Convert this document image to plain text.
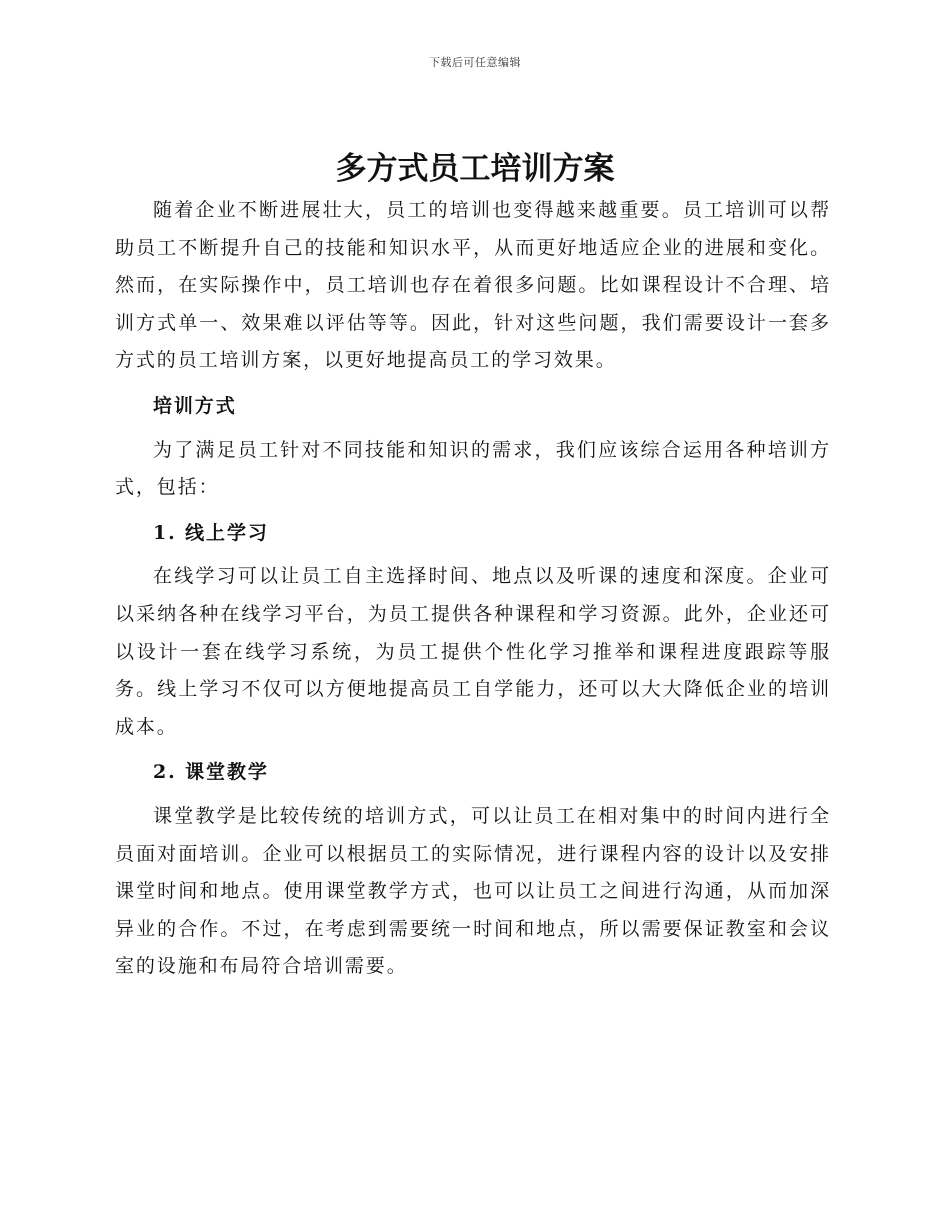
下载后可任意编辑
多方式员工培训方案

随着企业不断进展壮大，员工的培训也变得越来越重要。员工培训可以帮助员工不断提升自己的技能和知识水平，从而更好地适应企业的进展和变化。然而，在实际操作中，员工培训也存在着很多问题。比如课程设计不合理、培训方式单一、效果难以评估等等。因此，针对这些问题，我们需要设计一套多方式的员工培训方案，以更好地提高员工的学习效果。

培训方式

为了满足员工针对不同技能和知识的需求，我们应该综合运用各种培训方式，包括：

1. 线上学习

在线学习可以让员工自主选择时间、地点以及听课的速度和深度。企业可以采纳各种在线学习平台，为员工提供各种课程和学习资源。此外，企业还可以设计一套在线学习系统，为员工提供个性化学习推举和课程进度跟踪等服务。线上学习不仅可以方便地提高员工自学能力，还可以大大降低企业的培训成本。

2. 课堂教学

课堂教学是比较传统的培训方式，可以让员工在相对集中的时间内进行全员面对面培训。企业可以根据员工的实际情况，进行课程内容的设计以及安排课堂时间和地点。使用课堂教学方式，也可以让员工之间进行沟通，从而加深异业的合作。不过，在考虑到需要统一时间和地点，所以需要保证教室和会议室的设施和布局符合培训需要。
